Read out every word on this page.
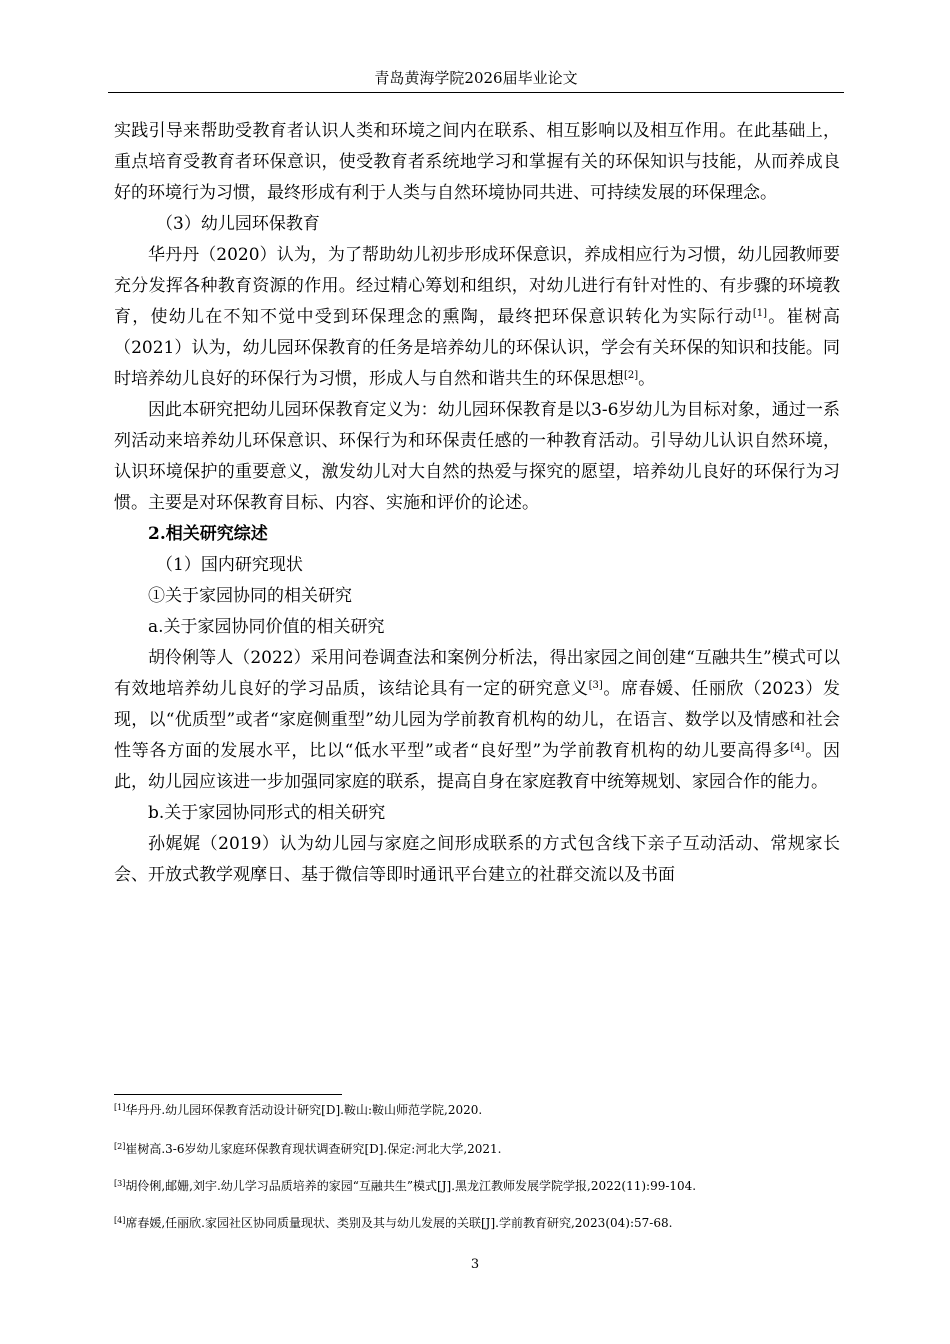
青岛黄海学院2026届毕业论文

实践引导来帮助受教育者认识人类和环境之间内在联系、相互影响以及相互作用。在此基础上，重点培育受教育者环保意识，使受教育者系统地学习和掌握有关的环保知识与技能，从而养成良好的环境行为习惯，最终形成有利于人类与自然环境协同共进、可持续发展的环保理念。

（3）幼儿园环保教育

华丹丹（2020）认为，为了帮助幼儿初步形成环保意识，养成相应行为习惯，幼儿园教师要充分发挥各种教育资源的作用。经过精心筹划和组织，对幼儿进行有针对性的、有步骤的环境教育，使幼儿在不知不觉中受到环保理念的熏陶，最终把环保意识转化为实际行动[1]。崔树高（2021）认为，幼儿园环保教育的任务是培养幼儿的环保认识，学会有关环保的知识和技能。同时培养幼儿良好的环保行为习惯，形成人与自然和谐共生的环保思想[2]。

因此本研究把幼儿园环保教育定义为：幼儿园环保教育是以3-6岁幼儿为目标对象，通过一系列活动来培养幼儿环保意识、环保行为和环保责任感的一种教育活动。引导幼儿认识自然环境，认识环境保护的重要意义，激发幼儿对大自然的热爱与探究的愿望，培养幼儿良好的环保行为习惯。主要是对环保教育目标、内容、实施和评价的论述。

2.相关研究综述

（1）国内研究现状

①关于家园协同的相关研究

a.关于家园协同价值的相关研究

胡伶俐等人（2022）采用问卷调查法和案例分析法，得出家园之间创建“互融共生”模式可以有效地培养幼儿良好的学习品质，该结论具有一定的研究意义[3]。席春媛、任丽欣（2023）发现，以“优质型”或者“家庭侧重型”幼儿园为学前教育机构的幼儿，在语言、数学以及情感和社会性等各方面的发展水平，比以“低水平型”或者“良好型”为学前教育机构的幼儿要高得多[4]。因此，幼儿园应该进一步加强同家庭的联系，提高自身在家庭教育中统筹规划、家园合作的能力。

b.关于家园协同形式的相关研究

孙娓娓（2019）认为幼儿园与家庭之间形成联系的方式包含线下亲子互动活动、常规家长会、开放式教学观摩日、基于微信等即时通讯平台建立的社群交流以及书面

[1]华丹丹.幼儿园环保教育活动设计研究[D].鞍山:鞍山师范学院,2020.
[2]崔树高.3-6岁幼儿家庭环保教育现状调查研究[D].保定:河北大学,2021.
[3]胡伶俐,邮姗,刘宇.幼儿学习品质培养的家园“互融共生”模式[J].黑龙江教师发展学院学报,2022(11):99-104.
[4]席春媛,任丽欣.家园社区协同质量现状、类别及其与幼儿发展的关联[J].学前教育研究,2023(04):57-68.
3
